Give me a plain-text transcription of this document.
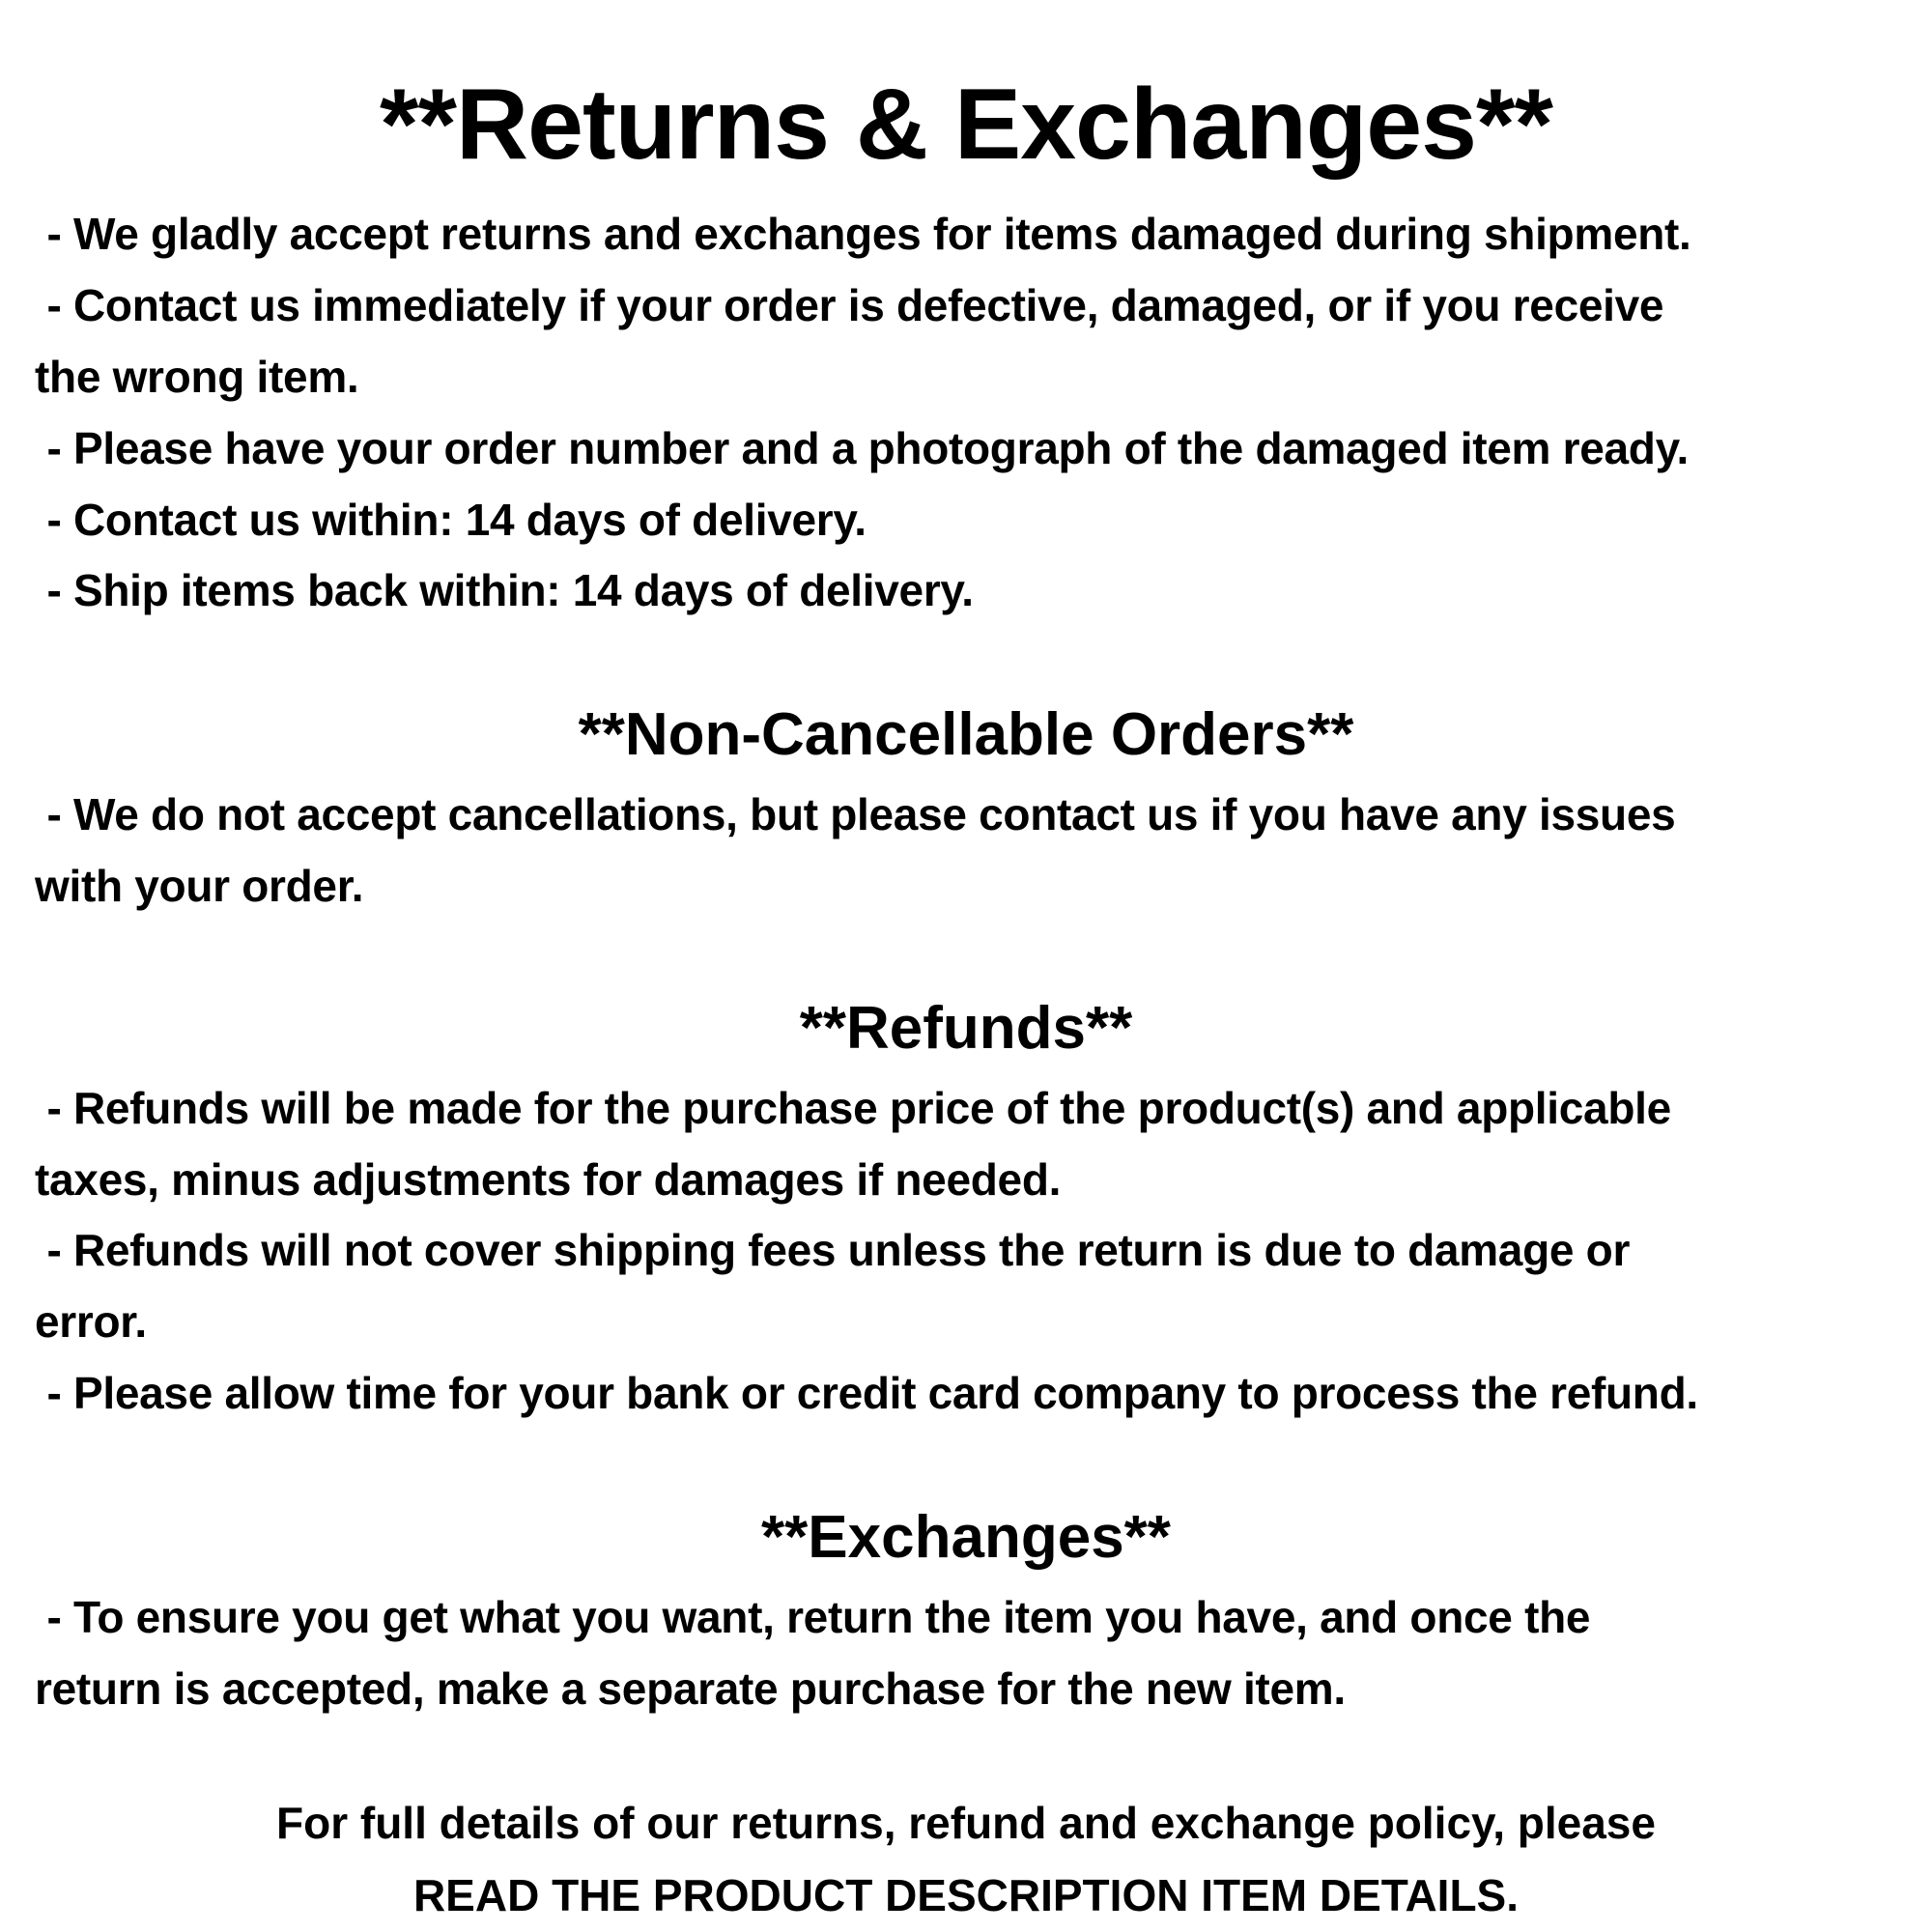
**Returns & Exchanges**
- We gladly accept returns and exchanges for items damaged during shipment.
- Contact us immediately if your order is defective, damaged, or if you receive
the wrong item.
- Please have your order number and a photograph of the damaged item ready.
- Contact us within: 14 days of delivery.
- Ship items back within: 14 days of delivery.
**Non-Cancellable Orders**
- We do not accept cancellations, but please contact us if you have any issues
with your order.
**Refunds**
- Refunds will be made for the purchase price of the product(s) and applicable
taxes, minus adjustments for damages if needed.
- Refunds will not cover shipping fees unless the return is due to damage or
error.
- Please allow time for your bank or credit card company to process the refund.
**Exchanges**
- To ensure you get what you want, return the item you have, and once the
return is accepted, make a separate purchase for the new item.
For full details of our returns, refund and exchange policy, please
READ THE PRODUCT DESCRIPTION ITEM DETAILS.
